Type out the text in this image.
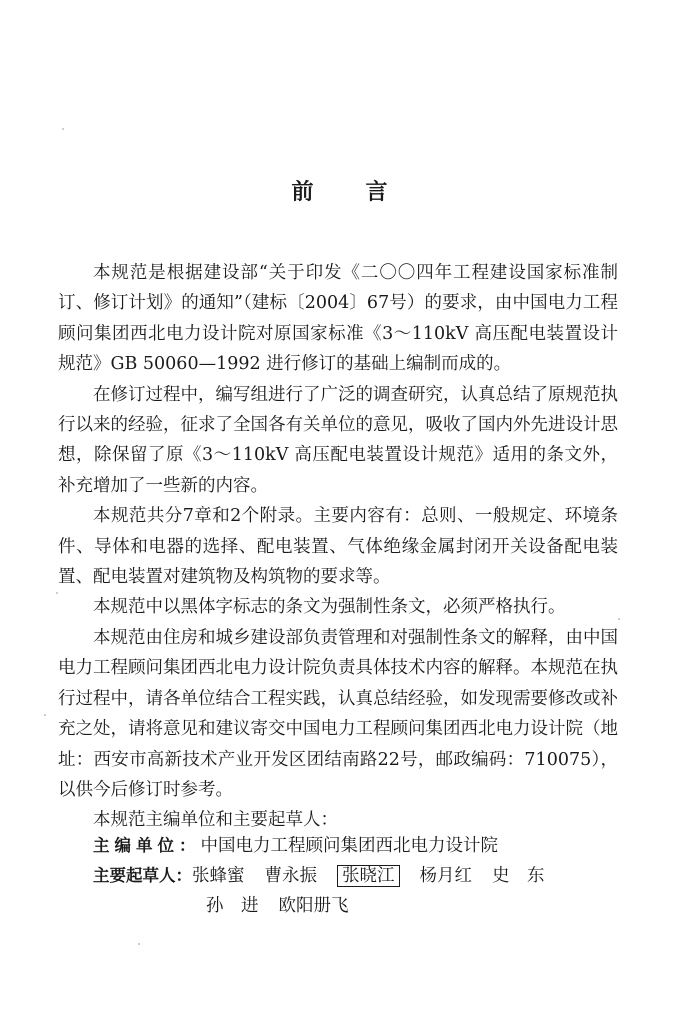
前言

本规范是根据建设部“关于印发《二〇〇四年工程建设国家标准制订、修订计划》的通知”（建标〔2004〕67号）的要求，由中国电力工程顾问集团西北电力设计院对原国家标准《3～110kV 高压配电装置设计规范》GB 50060—1992 进行修订的基础上编制而成的。

在修订过程中，编写组进行了广泛的调查研究，认真总结了原规范执行以来的经验，征求了全国各有关单位的意见，吸收了国内外先进设计思想，除保留了原《3～110kV 高压配电装置设计规范》适用的条文外，补充增加了一些新的内容。

本规范共分7章和2个附录。主要内容有：总则、一般规定、环境条件、导体和电器的选择、配电装置、气体绝缘金属封闭开关设备配电装置、配电装置对建筑物及构筑物的要求等。

本规范中以黑体字标志的条文为强制性条文，必须严格执行。

本规范由住房和城乡建设部负责管理和对强制性条文的解释，由中国电力工程顾问集团西北电力设计院负责具体技术内容的解释。本规范在执行过程中，请各单位结合工程实践，认真总结经验，如发现需要修改或补充之处，请将意见和建议寄交中国电力工程顾问集团西北电力设计院（地址：西安市高新技术产业开发区团结南路22号，邮政编码：710075），以供今后修订时参考。

本规范主编单位和主要起草人：

主编单位：中国电力工程顾问集团西北电力设计院
主要起草人：张蜂蜜 曹永振 张晓江 杨月红 史　东
孙　进 欧阳册飞
